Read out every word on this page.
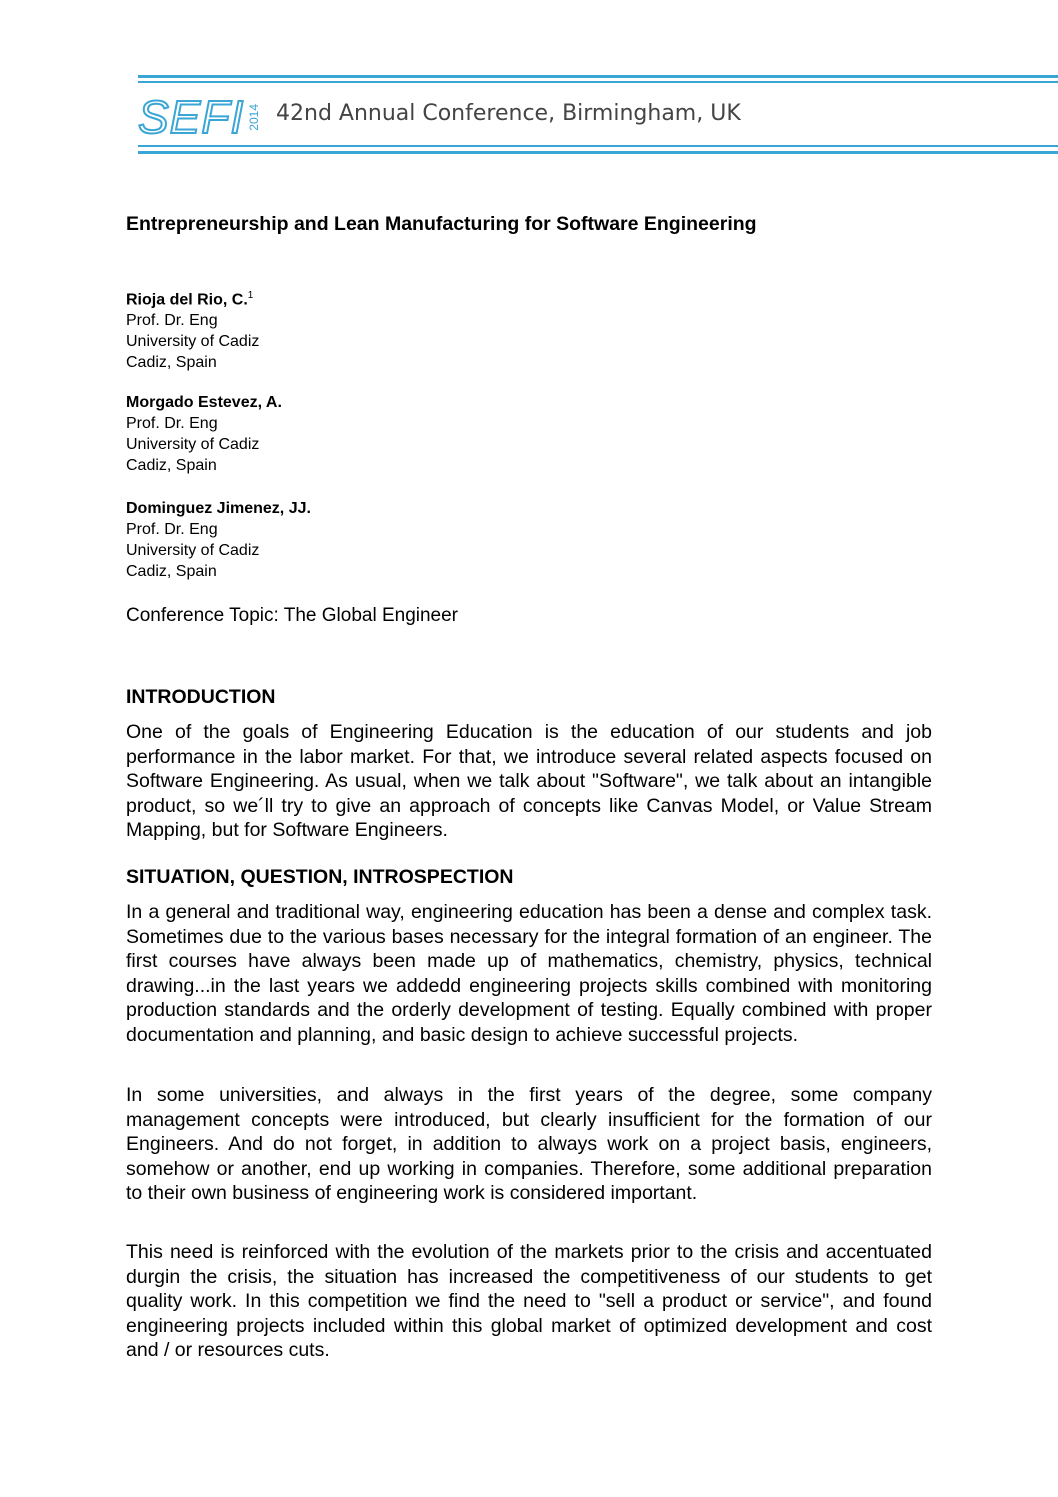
SEFI 2014 42nd Annual Conference, Birmingham, UK
Entrepreneurship and Lean Manufacturing for Software Engineering
Rioja del Rio, C.$^1$
Prof. Dr. Eng
University of Cadiz
Cadiz, Spain
Morgado Estevez, A.
Prof. Dr. Eng
University of Cadiz
Cadiz, Spain
Dominguez Jimenez, JJ.
Prof. Dr. Eng
University of Cadiz
Cadiz, Spain
Conference Topic: The Global Engineer
INTRODUCTION
One of the goals of Engineering Education is the education of our students and job performance in the labor market. For that, we introduce several related aspects focused on Software Engineering. As usual, when we talk about "Software", we talk about an intangible product, so we´ll try to give an approach of concepts like Canvas Model, or Value Stream Mapping, but for Software Engineers.
SITUATION, QUESTION, INTROSPECTION
In a general and traditional way, engineering education has been a dense and complex task. Sometimes due to the various bases necessary for the integral formation of an engineer. The first courses have always been made up of mathematics, chemistry, physics, technical drawing...in the last years we addedd engineering projects skills combined with monitoring production standards and the orderly development of testing. Equally combined with proper documentation and planning, and basic design to achieve successful projects.
In some universities, and always in the first years of the degree, some company management concepts were introduced, but clearly insufficient for the formation of our Engineers. And do not forget, in addition to always work on a project basis, engineers, somehow or another, end up working in companies. Therefore, some additional preparation to their own business of engineering work is considered important.
This need is reinforced with the evolution of the markets prior to the crisis and accentuated durgin the crisis, the situation has increased the competitiveness of our students to get quality work. In this competition we find the need to "sell a product or service", and found engineering projects included within this global market of optimized development and cost and / or resources cuts.
